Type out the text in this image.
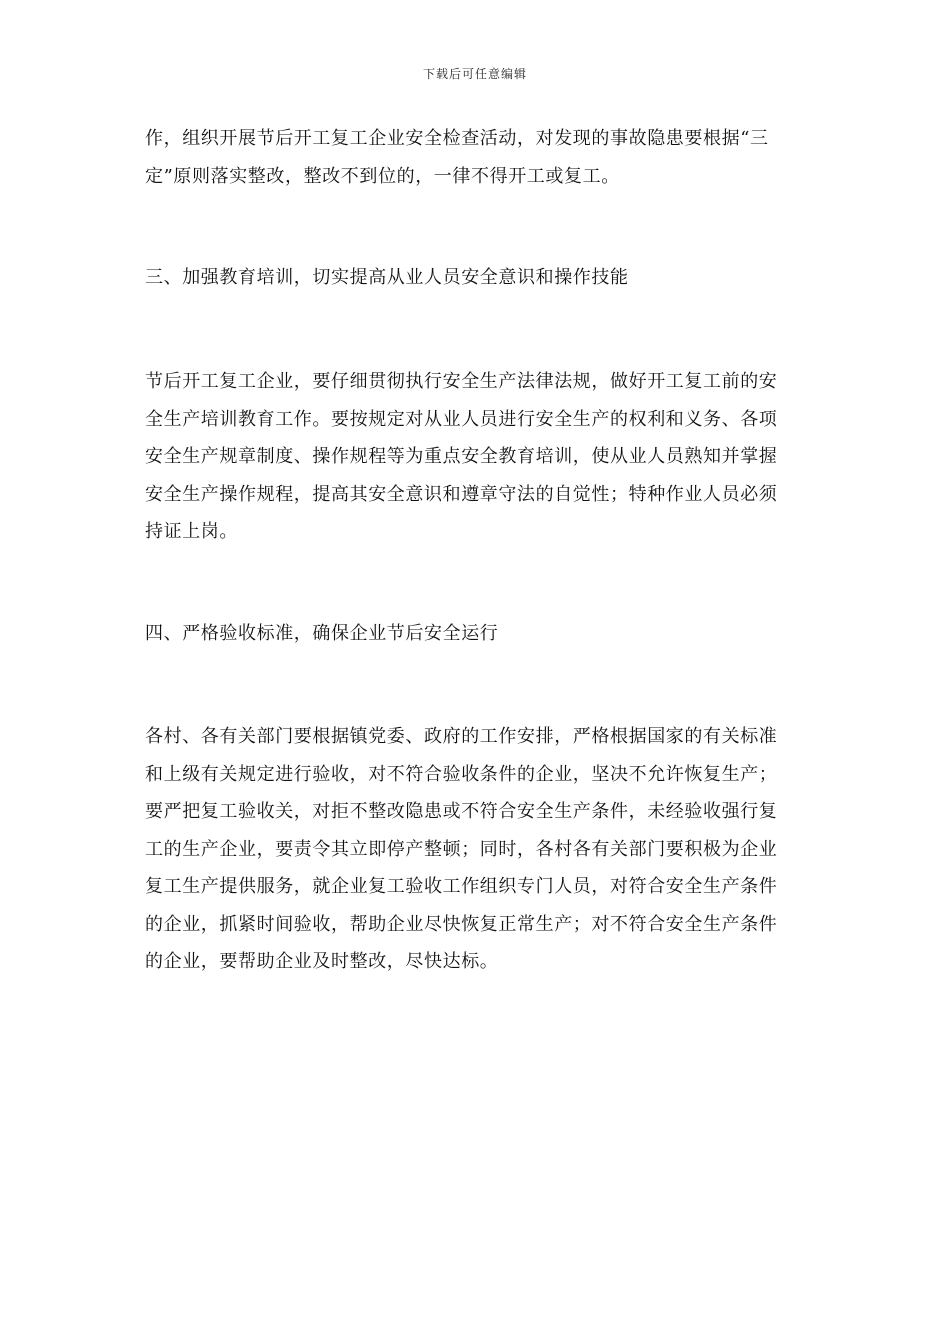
下载后可任意编辑
作，组织开展节后开工复工企业安全检查活动，对发现的事故隐患要根据“三
定”原则落实整改，整改不到位的，一律不得开工或复工。
三、加强教育培训，切实提高从业人员安全意识和操作技能
节后开工复工企业，要仔细贯彻执行安全生产法律法规，做好开工复工前的安
全生产培训教育工作。要按规定对从业人员进行安全生产的权利和义务、各项
安全生产规章制度、操作规程等为重点安全教育培训，使从业人员熟知并掌握
安全生产操作规程，提高其安全意识和遵章守法的自觉性；特种作业人员必须
持证上岗。
四、严格验收标准，确保企业节后安全运行
各村、各有关部门要根据镇党委、政府的工作安排，严格根据国家的有关标准
和上级有关规定进行验收，对不符合验收条件的企业，坚决不允许恢复生产；
要严把复工验收关，对拒不整改隐患或不符合安全生产条件，未经验收强行复
工的生产企业，要责令其立即停产整顿；同时，各村各有关部门要积极为企业
复工生产提供服务，就企业复工验收工作组织专门人员，对符合安全生产条件
的企业，抓紧时间验收，帮助企业尽快恢复正常生产；对不符合安全生产条件
的企业，要帮助企业及时整改，尽快达标。
